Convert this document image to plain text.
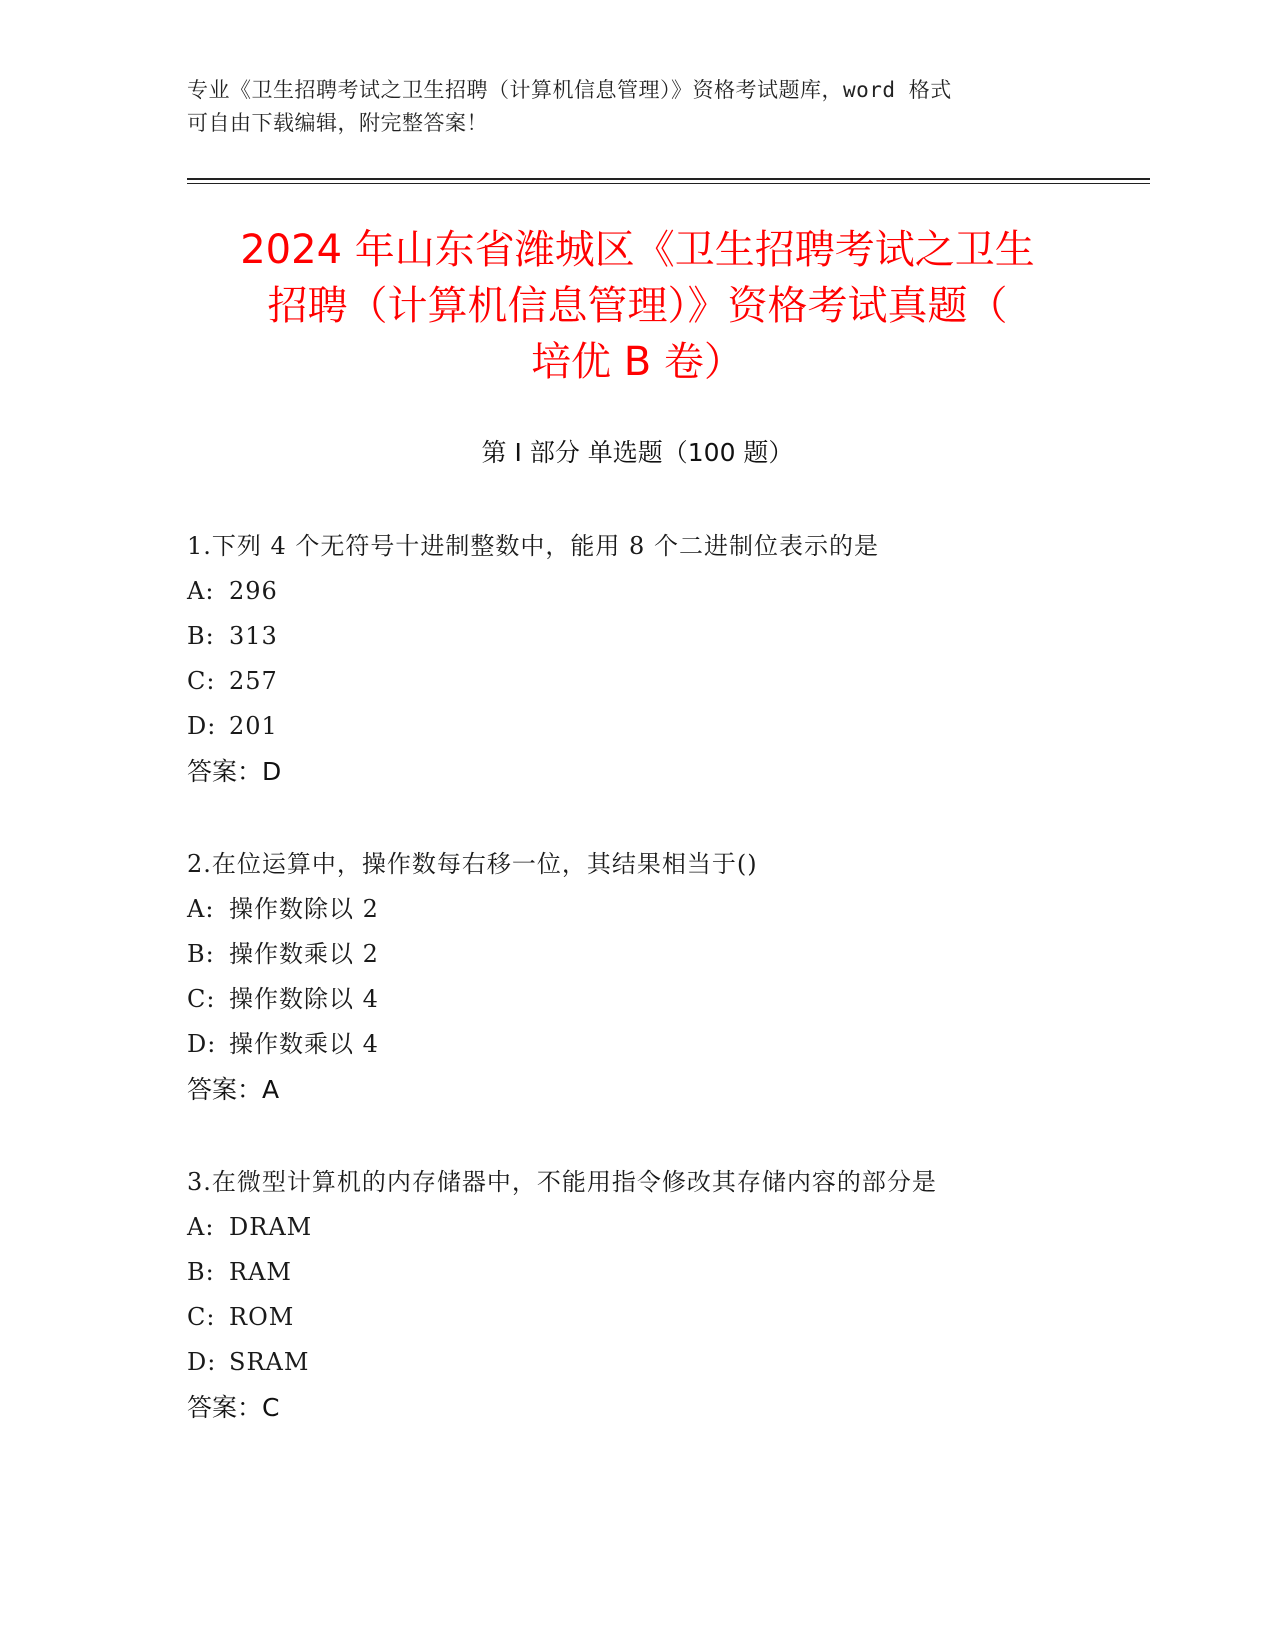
专业《卫生招聘考试之卫生招聘（计算机信息管理）》资格考试题库，word 格式
可自由下载编辑，附完整答案！
2024 年山东省潍城区《卫生招聘考试之卫生
招聘（计算机信息管理）》资格考试真题（
培优 B 卷）
第 I 部分 单选题（100 题）
1.下列 4 个无符号十进制整数中，能用 8 个二进制位表示的是
A: 296
B: 313
C: 257
D: 201
答案：D
2.在位运算中，操作数每右移一位，其结果相当于()
A: 操作数除以 2
B: 操作数乘以 2
C: 操作数除以 4
D: 操作数乘以 4
答案：A
3.在微型计算机的内存储器中，不能用指令修改其存储内容的部分是
A: DRAM
B: RAM
C: ROM
D: SRAM
答案：C
